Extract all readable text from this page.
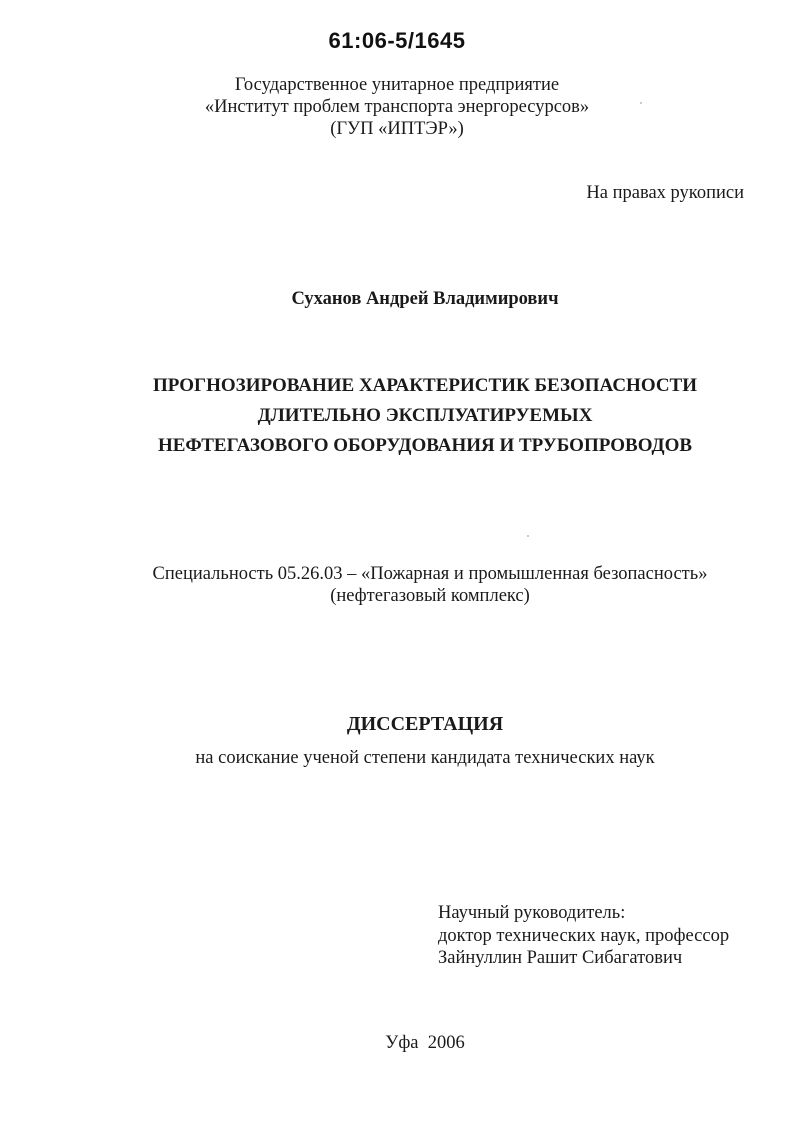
61:06-5/1645
Государственное унитарное предприятие
«Институт проблем транспорта энергоресурсов»
(ГУП «ИПТЭР»)
На правах рукописи
Суханов Андрей Владимирович
ПРОГНОЗИРОВАНИЕ ХАРАКТЕРИСТИК БЕЗОПАСНОСТИ
ДЛИТЕЛЬНО ЭКСПЛУАТИРУЕМЫХ
НЕФТЕГАЗОВОГО ОБОРУДОВАНИЯ И ТРУБОПРОВОДОВ
Специальность 05.26.03 – «Пожарная и промышленная безопасность»
(нефтегазовый комплекс)
ДИССЕРТАЦИЯ
на соискание ученой степени кандидата технических наук
Научный руководитель:
доктор технических наук, профессор
Зайнуллин Рашит Сибагатович
Уфа  2006
